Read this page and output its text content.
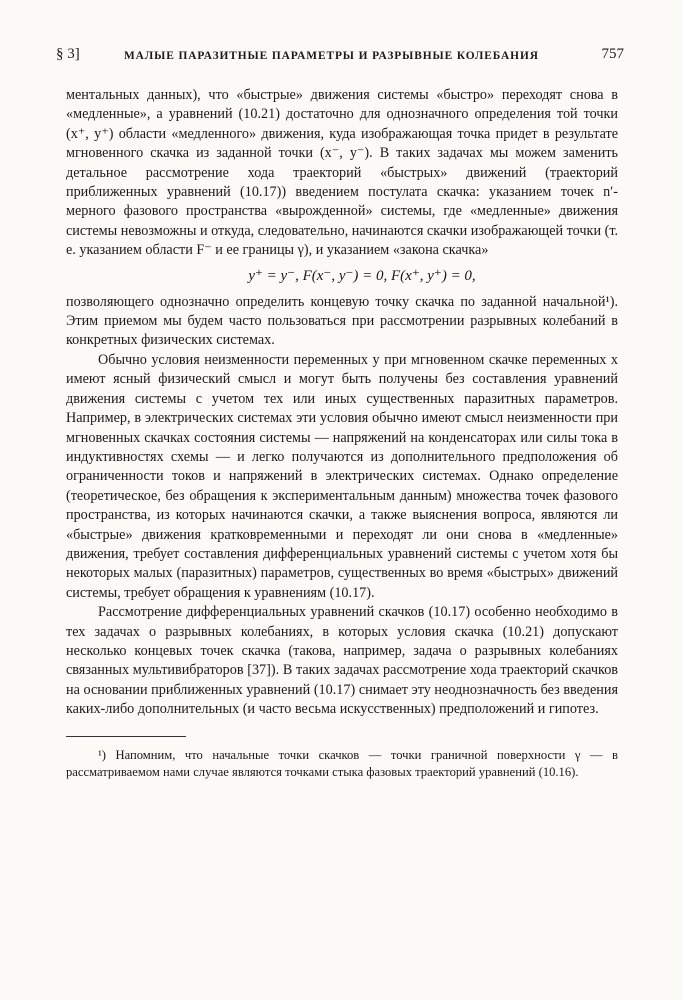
§ 3]	МАЛЫЕ ПАРАЗИТНЫЕ ПАРАМЕТРЫ И РАЗРЫВНЫЕ КОЛЕБАНИЯ	757

ментальных данных), что «быстрые» движения системы «быстро» переходят снова в «медленные», а уравнений (10.21) достаточно для однозначного определения той точки (x⁺, y⁺) области «медленного» движения, куда изображающая точка придет в результате мгновенного скачка из заданной точки (x⁻, y⁻). В таких задачах мы можем заменить детальное рассмотрение хода траекторий «быстрых» движений (траекторий приближенных уравнений (10.17)) введением постулата скачка: указанием точек n′-мерного фазового пространства «вырожденной» системы, где «медленные» движения системы невозможны и откуда, следовательно, начинаются скачки изображающей точки (т. е. указанием области F⁻ и ее границы γ), и указанием «закона скачка»

y⁺ = y⁻, F(x⁻, y⁻) = 0, F(x⁺, y⁺) = 0,

позволяющего однозначно определить концевую точку скачка по заданной начальной¹). Этим приемом мы будем часто пользоваться при рассмотрении разрывных колебаний в конкретных физических системах.

Обычно условия неизменности переменных y при мгновенном скачке переменных x имеют ясный физический смысл и могут быть получены без составления уравнений движения системы с учетом тех или иных существенных паразитных параметров. Например, в электрических системах эти условия обычно имеют смысл неизменности при мгновенных скачках состояния системы — напряжений на конденсаторах или силы тока в индуктивностях схемы — и легко получаются из дополнительного предположения об ограниченности токов и напряжений в электрических системах. Однако определение (теоретическое, без обращения к экспериментальным данным) множества точек фазового пространства, из которых начинаются скачки, а также выяснения вопроса, являются ли «быстрые» движения кратковременными и переходят ли они снова в «медленные» движения, требует составления дифференциальных уравнений системы с учетом хотя бы некоторых малых (паразитных) параметров, существенных во время «быстрых» движений системы, требует обращения к уравнениям (10.17).

Рассмотрение дифференциальных уравнений скачков (10.17) особенно необходимо в тех задачах о разрывных колебаниях, в которых условия скачка (10.21) допускают несколько концевых точек скачка (такова, например, задача о разрывных колебаниях связанных мультивибраторов [37]). В таких задачах рассмотрение хода траекторий скачков на основании приближенных уравнений (10.17) снимает эту неоднозначность без введения каких-либо дополнительных (и часто весьма искусственных) предположений и гипотез.

¹) Напомним, что начальные точки скачков — точки граничной поверхности γ — в рассматриваемом нами случае являются точками стыка фазовых траекторий уравнений (10.16).
